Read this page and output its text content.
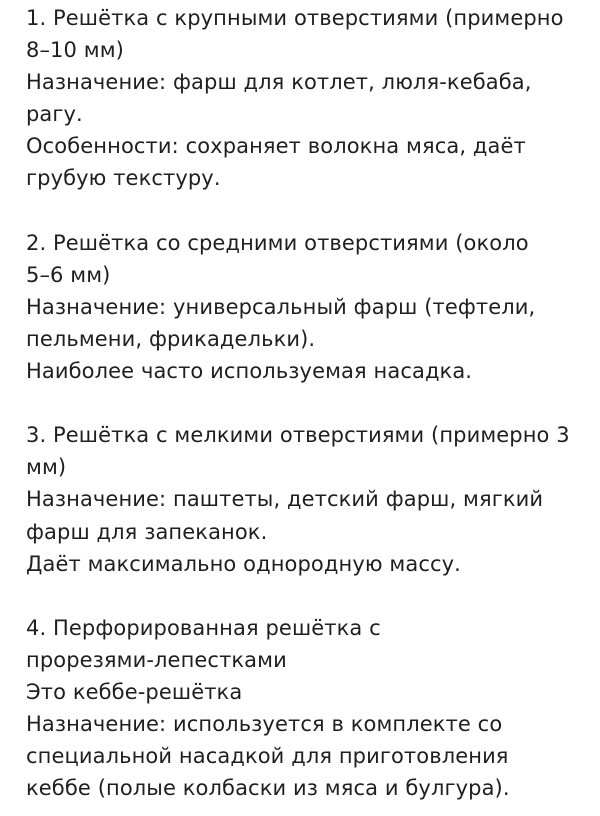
1. Решётка с крупными отверстиями (примерно
8–10 мм)
Назначение: фарш для котлет, люля-кебаба,
рагу.
Особенности: сохраняет волокна мяса, даёт
грубую текстуру.
2. Решётка со средними отверстиями (около
5–6 мм)
Назначение: универсальный фарш (тефтели,
пельмени, фрикадельки).
Наиболее часто используемая насадка.
3. Решётка с мелкими отверстиями (примерно 3
мм)
Назначение: паштеты, детский фарш, мягкий
фарш для запеканок.
Даёт максимально однородную массу.
4. Перфорированная решётка с
прорезями-лепестками
Это кеббе-решётка
Назначение: используется в комплекте со
специальной насадкой для приготовления
кеббе (полые колбаски из мяса и булгура).
